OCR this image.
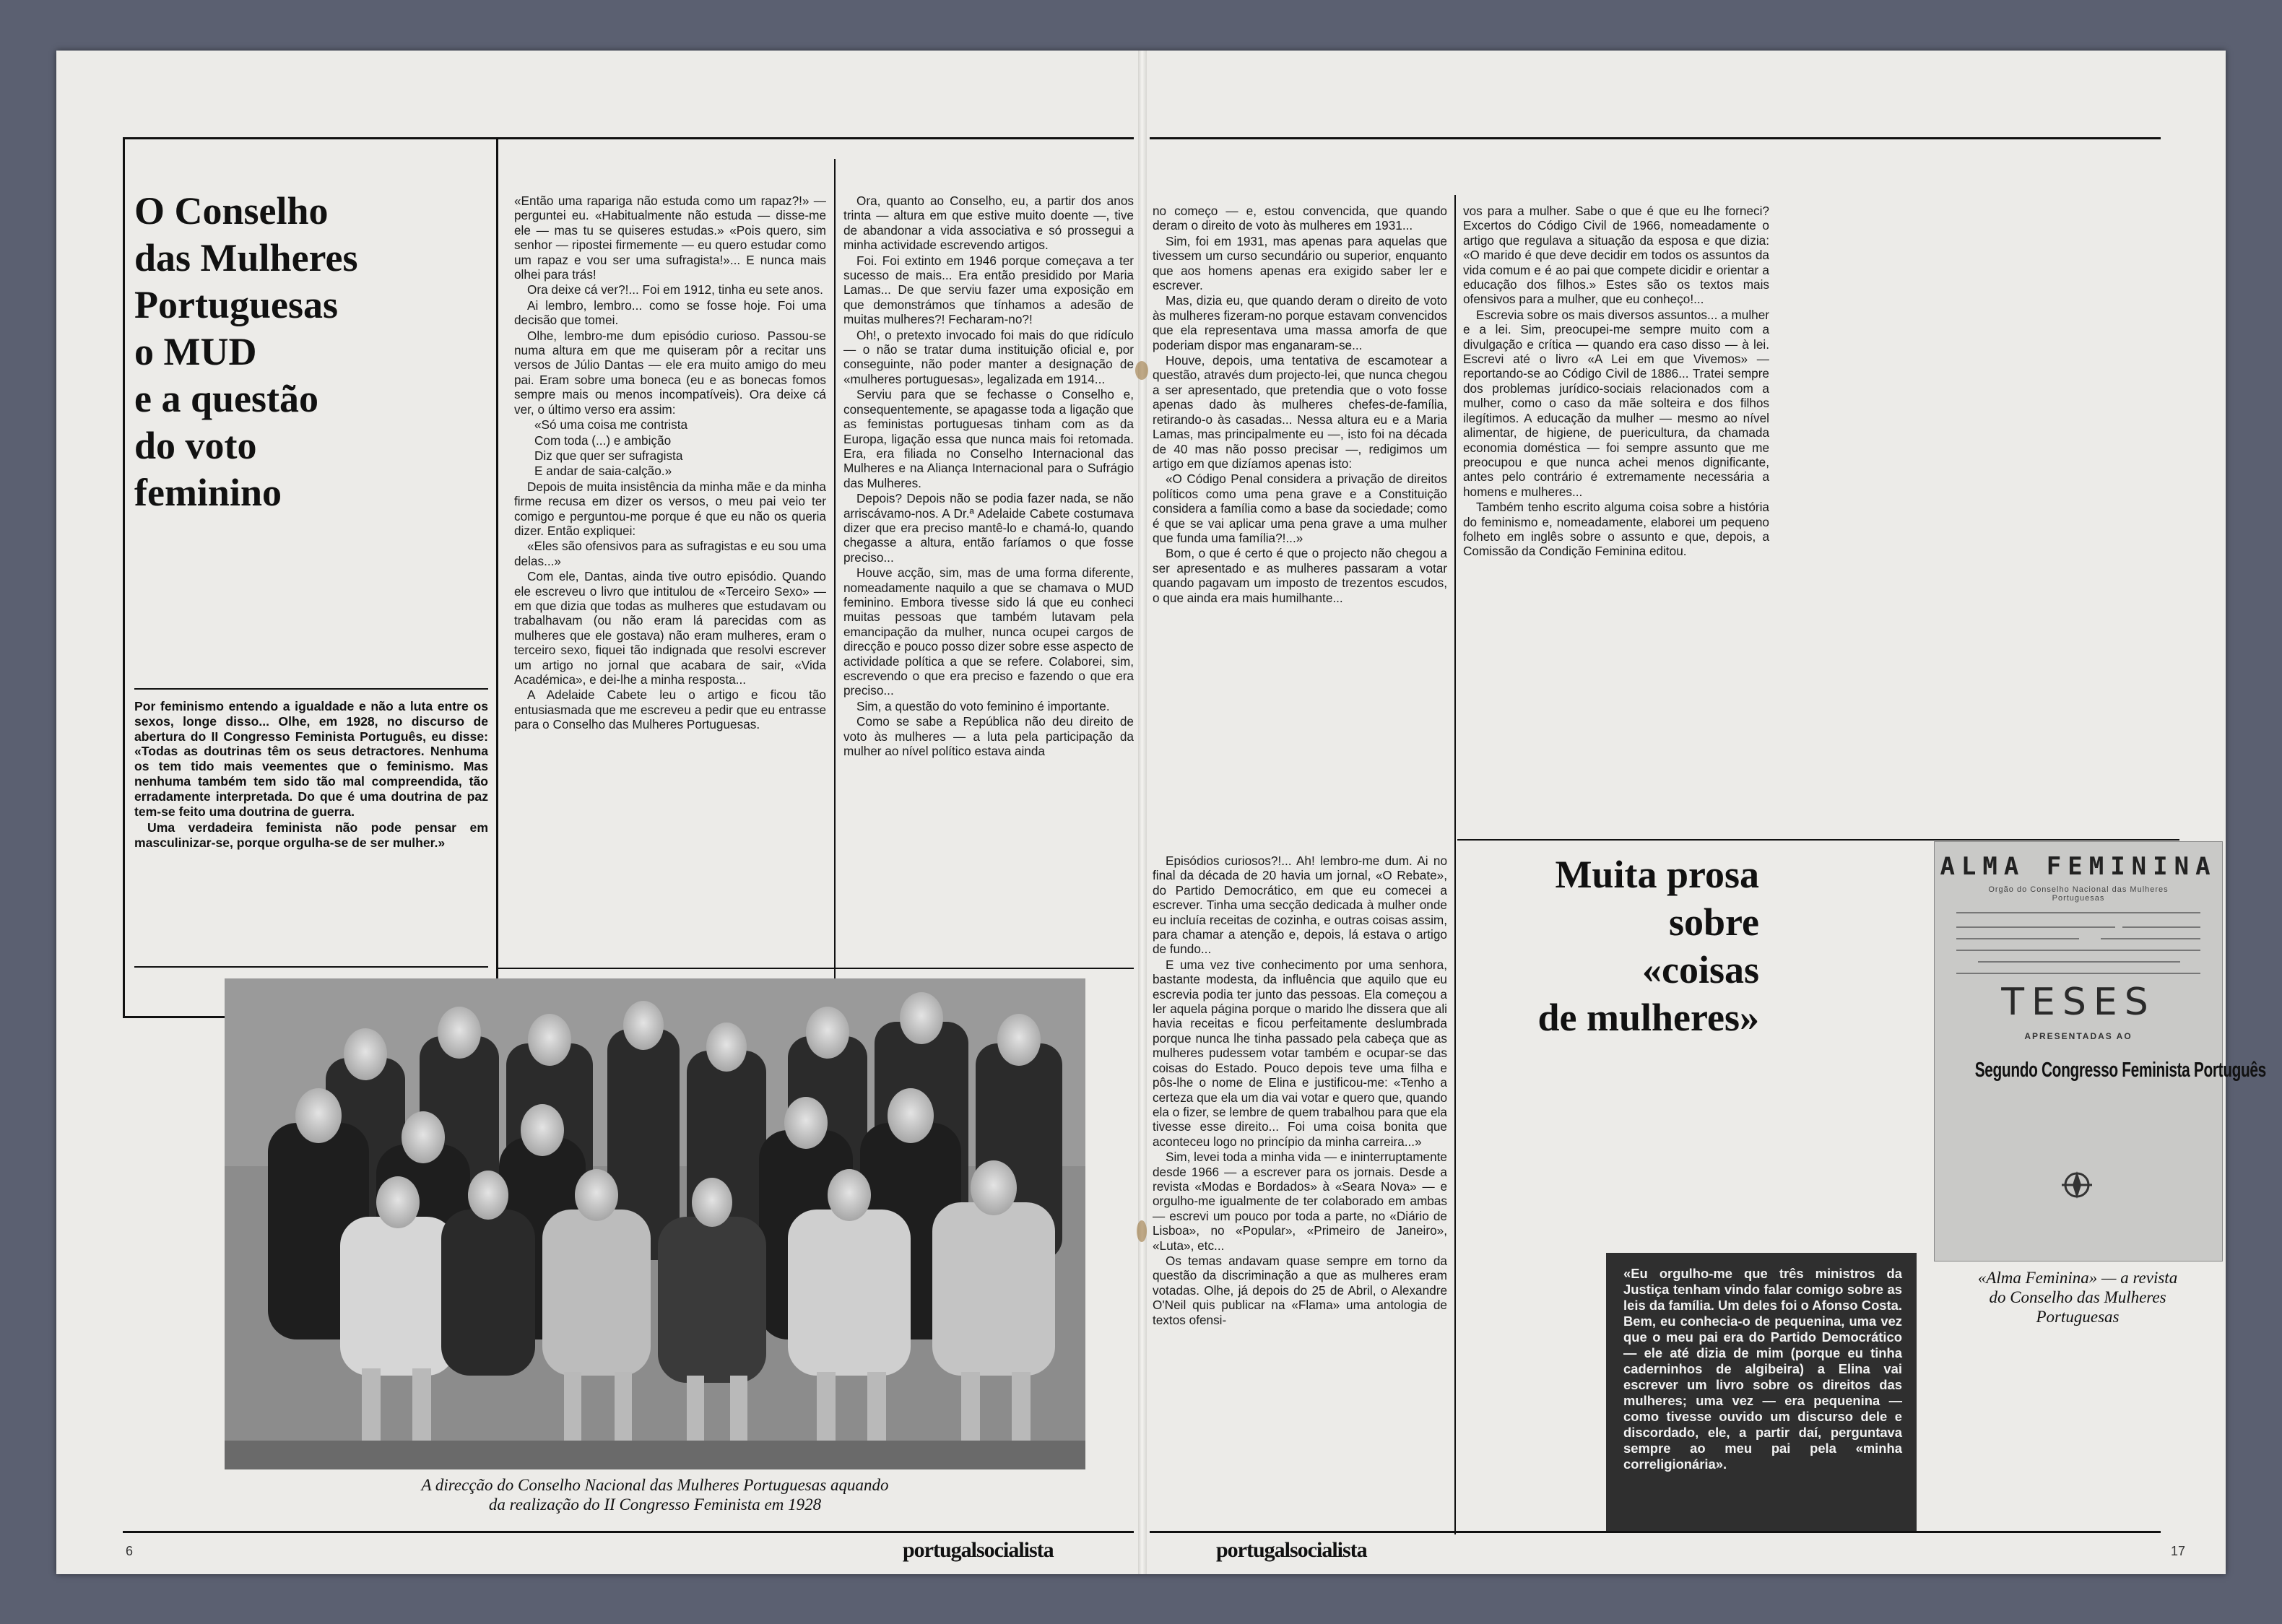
O Conselho
das Mulheres
Portuguesas
o MUD
e a questão
do voto
feminino

Por feminismo entendo a igualdade e não a luta entre os sexos, longe disso... Olhe, em 1928, no discurso de abertura do II Congresso Feminista Português, eu disse: «Todas as doutrinas têm os seus detractores. Nenhuma os tem tido mais veementes que o feminismo. Mas nenhuma também tem sido tão mal compreendida, tão erradamente interpretada. Do que é uma doutrina de paz tem-se feito uma doutrina de guerra.

Uma verdadeira feminista não pode pensar em masculinizar-se, porque orgulha-se de ser mulher.»

«Então uma rapariga não estuda como um rapaz?!» — perguntei eu. «Habitualmente não estuda — disse-me ele — mas tu se quiseres estudas.» «Pois quero, sim senhor — ripostei firmemente — eu quero estudar como um rapaz e vou ser uma sufragista!»... E nunca mais olhei para trás!

Ora deixe cá ver?!... Foi em 1912, tinha eu sete anos.

Ai lembro, lembro... como se fosse hoje. Foi uma decisão que tomei.

Olhe, lembro-me dum episódio curioso. Passou-se numa altura em que me quiseram pôr a recitar uns versos de Júlio Dantas — ele era muito amigo do meu pai. Eram sobre uma boneca (eu e as bonecas fomos sempre mais ou menos incompatíveis). Ora deixe cá ver, o último verso era assim:

«Só uma coisa me contrista

Com toda (...) e ambição

Diz que quer ser sufragista

E andar de saia-calção.»

Depois de muita insistência da minha mãe e da minha firme recusa em dizer os versos, o meu pai veio ter comigo e perguntou-me porque é que eu não os queria dizer. Então expliquei:

«Eles são ofensivos para as sufragistas e eu sou uma delas...»

Com ele, Dantas, ainda tive outro episódio. Quando ele escreveu o livro que intitulou de «Terceiro Sexo» — em que dizia que todas as mulheres que estudavam ou trabalhavam (ou não eram lá parecidas com as mulheres que ele gostava) não eram mulheres, eram o terceiro sexo, fiquei tão indignada que resolvi escrever um artigo no jornal que acabara de sair, «Vida Académica», e dei-lhe a minha resposta...

A Adelaide Cabete leu o artigo e ficou tão entusiasmada que me escreveu a pedir que eu entrasse para o Conselho das Mulheres Portuguesas.

Ora, quanto ao Conselho, eu, a partir dos anos trinta — altura em que estive muito doente —, tive de abandonar a vida associativa e só prossegui a minha actividade escrevendo artigos.

Foi. Foi extinto em 1946 porque começava a ter sucesso de mais... Era então presidido por Maria Lamas... De que serviu fazer uma exposição em que demonstrámos que tínhamos a adesão de muitas mulheres?! Fecharam-no?!

Oh!, o pretexto invocado foi mais do que ridículo — o não se tratar duma instituição oficial e, por conseguinte, não poder manter a designação de «mulheres portuguesas», legalizada em 1914...

Serviu para que se fechasse o Conselho e, consequentemente, se apagasse toda a ligação que as feministas portuguesas tinham com as da Europa, ligação essa que nunca mais foi retomada. Era, era filiada no Conselho Internacional das Mulheres e na Aliança Internacional para o Sufrágio das Mulheres.

Depois? Depois não se podia fazer nada, se não arriscávamo-nos. A Dr.ª Adelaide Cabete costumava dizer que era preciso mantê-lo e chamá-lo, quando chegasse a altura, então faríamos o que fosse preciso...

Houve acção, sim, mas de uma forma diferente, nomeadamente naquilo a que se chamava o MUD feminino. Embora tivesse sido lá que eu conheci muitas pessoas que também lutavam pela emancipação da mulher, nunca ocupei cargos de direcção e pouco posso dizer sobre esse aspecto de actividade política a que se refere. Colaborei, sim, escrevendo o que era preciso e fazendo o que era preciso...

Sim, a questão do voto feminino é importante.

Como se sabe a República não deu direito de voto às mulheres — a luta pela participação da mulher ao nível político estava ainda

A direcção do Conselho Nacional das Mulheres Portuguesas aquando
da realização do II Congresso Feminista em 1928
6	portugalsocialista

no começo — e, estou convencida, que quando deram o direito de voto às mulheres em 1931...

Sim, foi em 1931, mas apenas para aquelas que tivessem um curso secundário ou superior, enquanto que aos homens apenas era exigido saber ler e escrever.

Mas, dizia eu, que quando deram o direito de voto às mulheres fizeram-no porque estavam convencidos que ela representava uma massa amorfa de que poderiam dispor mas enganaram-se...

Houve, depois, uma tentativa de escamotear a questão, através dum projecto-lei, que nunca chegou a ser apresentado, que pretendia que o voto fosse apenas dado às mulheres chefes-de-família, retirando-o às casadas... Nessa altura eu e a Maria Lamas, mas principalmente eu —, isto foi na década de 40 mas não posso precisar —, redigimos um artigo em que dizíamos apenas isto:

«O Código Penal considera a privação de direitos políticos como uma pena grave e a Constituição considera a família como a base da sociedade; como é que se vai aplicar uma pena grave a uma mulher que funda uma família?!...»

Bom, o que é certo é que o projecto não chegou a ser apresentado e as mulheres passaram a votar quando pagavam um imposto de trezentos escudos, o que ainda era mais humilhante...

vos para a mulher. Sabe o que é que eu lhe forneci? Excertos do Código Civil de 1966, nomeadamente o artigo que regulava a situação da esposa e que dizia: «O marido é que deve decidir em todos os assuntos da vida comum e é ao pai que compete dicidir e orientar a educação dos filhos.» Estes são os textos mais ofensivos para a mulher, que eu conheço!...

Escrevia sobre os mais diversos assuntos... a mulher e a lei. Sim, preocupei-me sempre muito com a divulgação e crítica — quando era caso disso — à lei. Escrevi até o livro «A Lei em que Vivemos» — reportando-se ao Código Civil de 1886... Tratei sempre dos problemas jurídico-sociais relacionados com a mulher, como o caso da mãe solteira e dos filhos ilegítimos. A educação da mulher — mesmo ao nível alimentar, de higiene, de puericultura, da chamada economia doméstica — foi sempre assunto que me preocupou e que nunca achei menos dignificante, antes pelo contrário é extremamente necessária a homens e mulheres...

Também tenho escrito alguma coisa sobre a história do feminismo e, nomeadamente, elaborei um pequeno folheto em inglês sobre o assunto e que, depois, a Comissão da Condição Feminina editou.

Episódios curiosos?!... Ah! lembro-me dum. Ai no final da década de 20 havia um jornal, «O Rebate», do Partido Democrático, em que eu comecei a escrever. Tinha uma secção dedicada à mulher onde eu incluía receitas de cozinha, e outras coisas assim, para chamar a atenção e, depois, lá estava o artigo de fundo...

E uma vez tive conhecimento por uma senhora, bastante modesta, da influência que aquilo que eu escrevia podia ter junto das pessoas. Ela começou a ler aquela página porque o marido lhe dissera que ali havia receitas e ficou perfeitamente deslumbrada porque nunca lhe tinha passado pela cabeça que as mulheres pudessem votar também e ocupar-se das coisas do Estado. Pouco depois teve uma filha e pôs-lhe o nome de Elina e justificou-me: «Tenho a certeza que ela um dia vai votar e quero que, quando ela o fizer, se lembre de quem trabalhou para que ela tivesse esse direito... Foi uma coisa bonita que aconteceu logo no princípio da minha carreira...»

Sim, levei toda a minha vida — e ininterruptamente desde 1966 — a escrever para os jornais. Desde a revista «Modas e Bordados» à «Seara Nova» — e orgulho-me igualmente de ter colaborado em ambas — escrevi um pouco por toda a parte, no «Diário de Lisboa», no «Popular», «Primeiro de Janeiro», «Luta», etc...

Os temas andavam quase sempre em torno da questão da discriminação a que as mulheres eram votadas. Olhe, já depois do 25 de Abril, o Alexandre O'Neil quis publicar na «Flama» uma antologia de textos ofensi-

Muita prosa
sobre
«coisas
de mulheres»
«Eu orgulho-me que três ministros da Justiça tenham vindo falar comigo sobre as leis da família. Um deles foi o Afonso Costa. Bem, eu conhecia-o de pequenina, uma vez que o meu pai era do Partido Democrático — ele até dizia de mim (porque eu tinha caderninhos de algibeira) a Elina vai escrever um livro sobre os direitos das mulheres; uma vez — era pequenina — como tivesse ouvido um discurso dele e discordado, ele, a partir daí, perguntava sempre ao meu pai pela «minha correligionária».
ALMA FEMININA
Orgão do Conselho Nacional das Mulheres Portuguesas
TESES
APRESENTADAS AO
Segundo Congresso Feminista Português
«Alma Feminina» — a revista
do Conselho das Mulheres
Portuguesas
portugalsocialista	17
